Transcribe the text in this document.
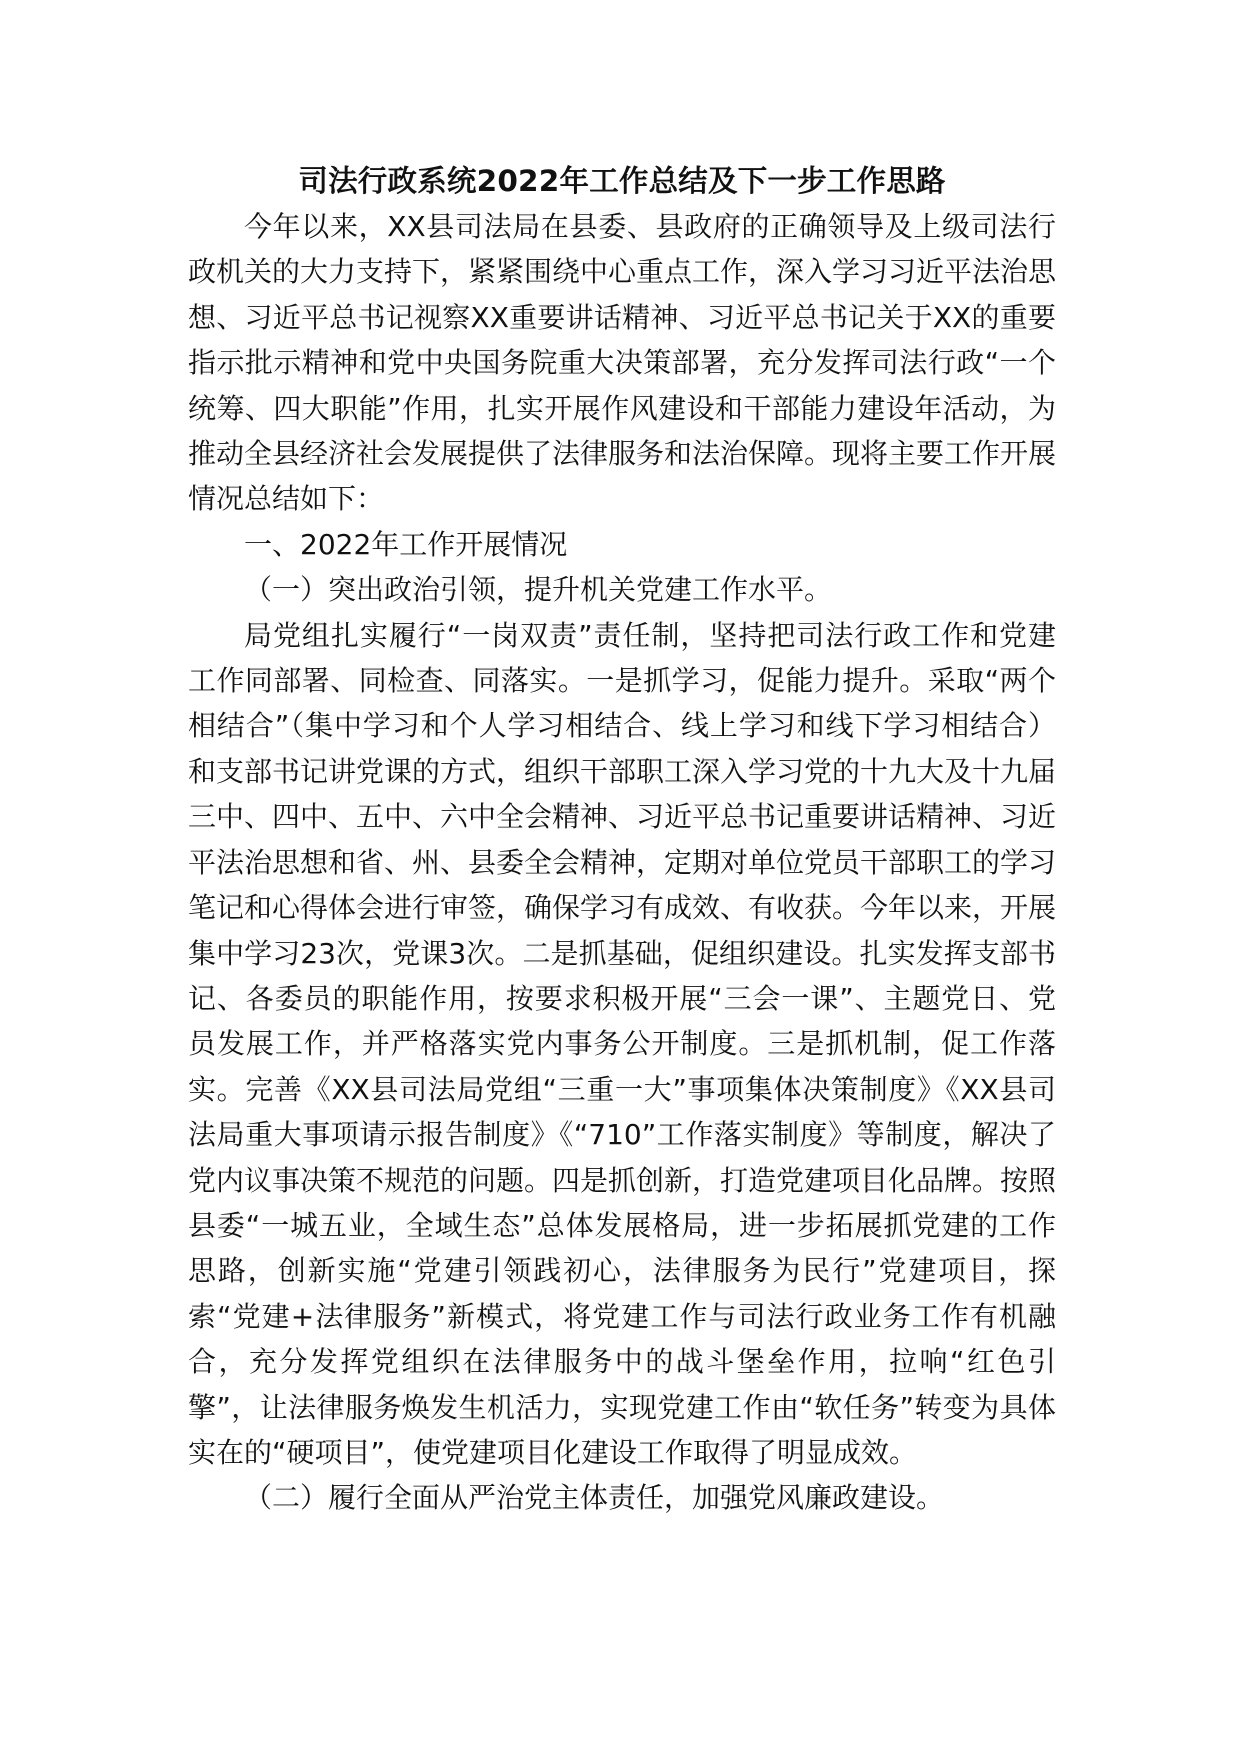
司法行政系统2022年工作总结及下一步工作思路

今年以来，XX县司法局在县委、县政府的正确领导及上级司法行政机关的大力支持下，紧紧围绕中心重点工作，深入学习习近平法治思想、习近平总书记视察XX重要讲话精神、习近平总书记关于XX的重要指示批示精神和党中央国务院重大决策部署，充分发挥司法行政“一个统筹、四大职能”作用，扎实开展作风建设和干部能力建设年活动，为推动全县经济社会发展提供了法律服务和法治保障。现将主要工作开展情况总结如下：

一、2022年工作开展情况

（一）突出政治引领，提升机关党建工作水平。

局党组扎实履行“一岗双责”责任制，坚持把司法行政工作和党建工作同部署、同检查、同落实。一是抓学习，促能力提升。采取“两个相结合”（集中学习和个人学习相结合、线上学习和线下学习相结合）和支部书记讲党课的方式，组织干部职工深入学习党的十九大及十九届三中、四中、五中、六中全会精神、习近平总书记重要讲话精神、习近平法治思想和省、州、县委全会精神，定期对单位党员干部职工的学习笔记和心得体会进行审签，确保学习有成效、有收获。今年以来，开展集中学习23次，党课3次。二是抓基础，促组织建设。扎实发挥支部书记、各委员的职能作用，按要求积极开展“三会一课”、主题党日、党员发展工作，并严格落实党内事务公开制度。三是抓机制，促工作落实。完善《XX县司法局党组“三重一大”事项集体决策制度》《XX县司法局重大事项请示报告制度》《“710”工作落实制度》等制度，解决了党内议事决策不规范的问题。四是抓创新，打造党建项目化品牌。按照县委“一城五业，全域生态”总体发展格局，进一步拓展抓党建的工作思路，创新实施“党建引领践初心，法律服务为民行”党建项目，探索“党建+法律服务”新模式，将党建工作与司法行政业务工作有机融合，充分发挥党组织在法律服务中的战斗堡垒作用，拉响“红色引擎”，让法律服务焕发生机活力，实现党建工作由“软任务”转变为具体实在的“硬项目”，使党建项目化建设工作取得了明显成效。

（二）履行全面从严治党主体责任，加强党风廉政建设。
